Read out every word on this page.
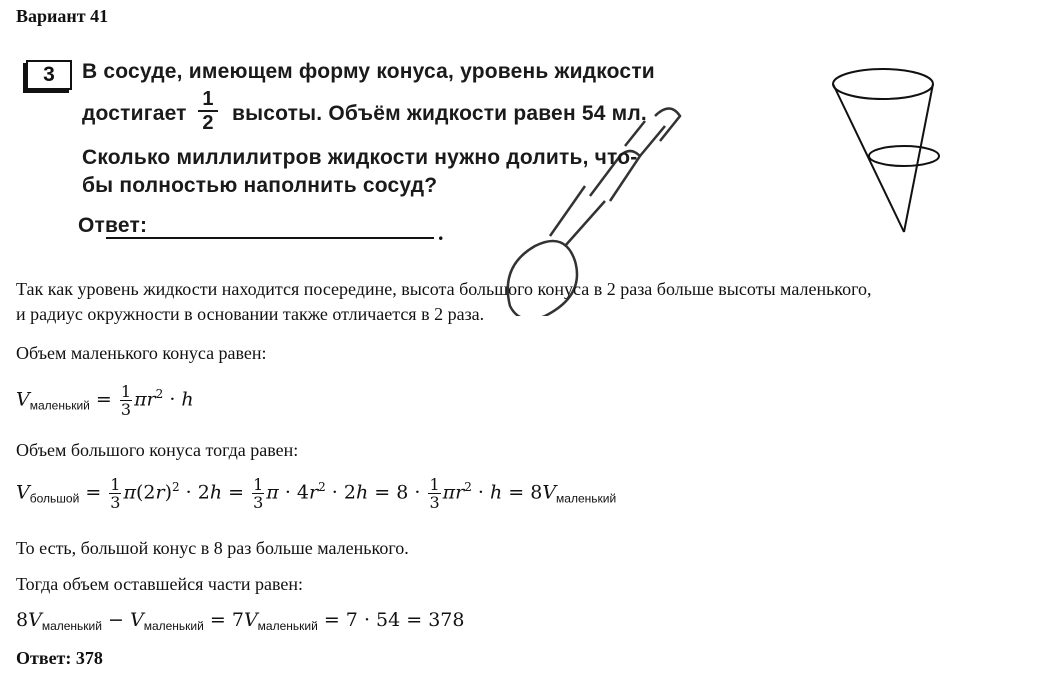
Вариант 41
3	В сосуде, имеющем форму конуса, уровень жидкости
достигает
1
2 высоты. Объём жидкости равен 54 мл.
Сколько миллилитров жидкости нужно долить, что-
бы полностью наполнить сосуд?
Ответ:	.
Так как уровень жидкости находится посередине, высота большого конуса в 2 раза больше высоты маленького,
и радиус окружности в основании также отличается в 2 раза.
Объем маленького конуса равен:
$V_{маленький} = \frac{1}{3} \pi r^2 \cdot h$
Объем большого конуса тогда равен:
$V_{большой} = \frac{1}{3} \pi(2r)^2 \cdot 2h = \frac{1}{3}$ $\pi \cdot 4r^2 \cdot 2h = 8 \cdot \frac{1}{3} \pi r^2 \cdot h = 8V_{маленький}$
То есть, большой конус в 8 раз больше маленького.
Тогда объем оставшейся части равен:
$8V_{маленький} - V_{маленький} = 7V_{маленький} = 7 \cdot 54 = 378$
Ответ: 378
